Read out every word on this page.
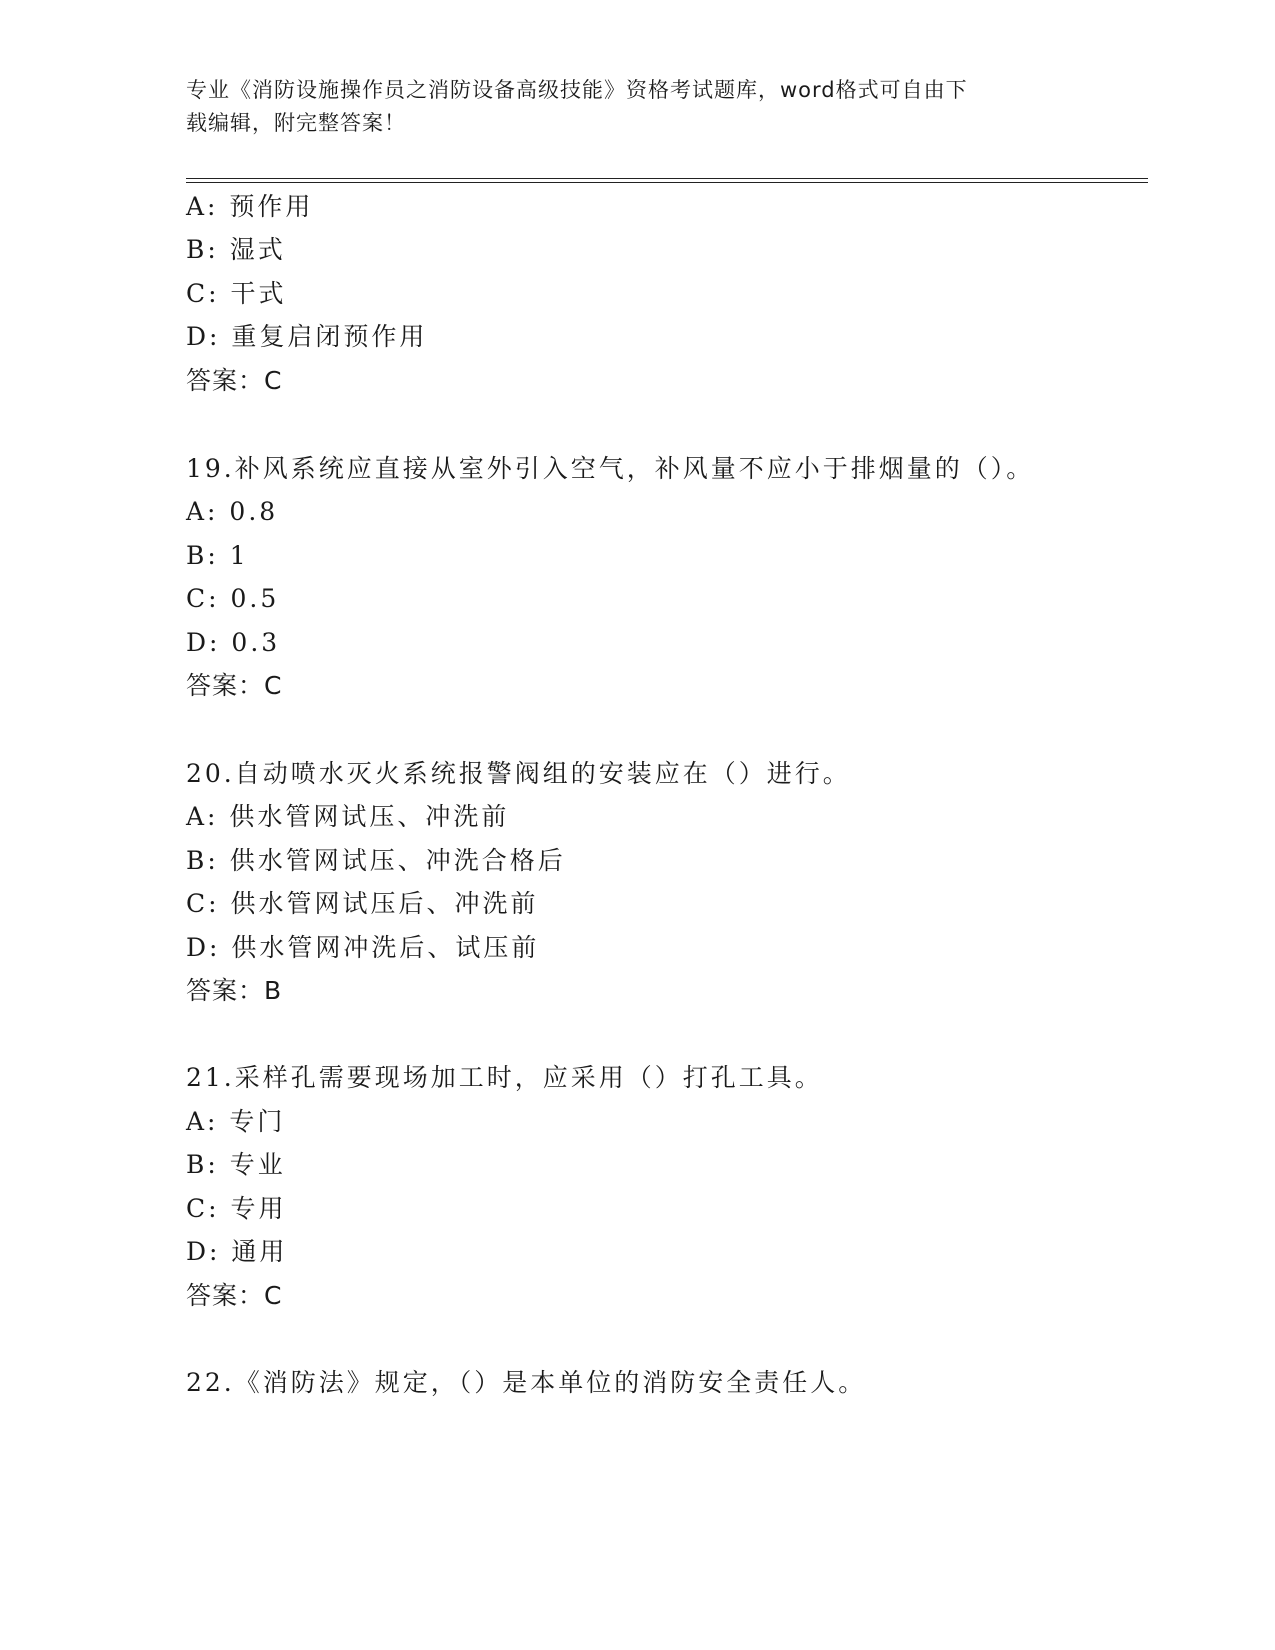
专业《消防设施操作员之消防设备高级技能》资格考试题库，word格式可自由下
载编辑，附完整答案！
A: 预作用
B: 湿式
C: 干式
D: 重复启闭预作用
答案：C
19.补风系统应直接从室外引入空气，补风量不应小于排烟量的（）。
A: 0.8
B: 1
C: 0.5
D: 0.3
答案：C
20.自动喷水灭火系统报警阀组的安装应在（）进行。
A: 供水管网试压、冲洗前
B: 供水管网试压、冲洗合格后
C: 供水管网试压后、冲洗前
D: 供水管网冲洗后、试压前
答案：B
21.采样孔需要现场加工时，应采用（）打孔工具。
A: 专门
B: 专业
C: 专用
D: 通用
答案：C
22.《消防法》规定，（）是本单位的消防安全责任人。
